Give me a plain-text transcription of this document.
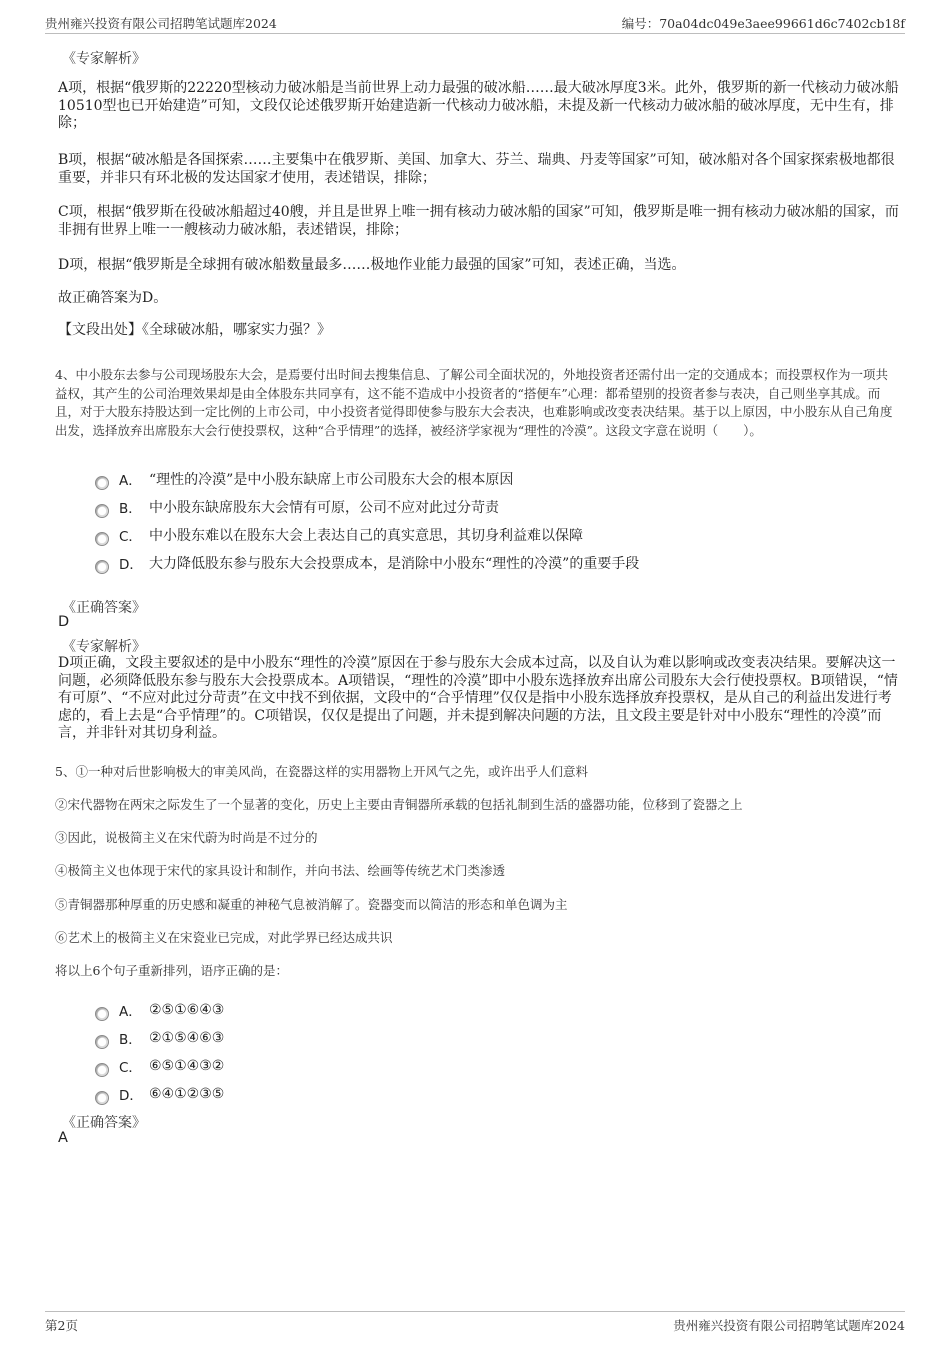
贵州雍兴投资有限公司招聘笔试题库2024	编号：70a04dc049e3aee99661d6c7402cb18f
《专家解析》

A项，根据“俄罗斯的22220型核动力破冰船是当前世界上动力最强的破冰船……最大破冰厚度3米。此外，俄罗斯的新一代核动力破冰船10510型也已开始建造”可知，文段仅论述俄罗斯开始建造新一代核动力破冰船，未提及新一代核动力破冰船的破冰厚度，无中生有，排除；

B项，根据“破冰船是各国探索……主要集中在俄罗斯、美国、加拿大、芬兰、瑞典、丹麦等国家”可知，破冰船对各个国家探索极地都很重要，并非只有环北极的发达国家才使用，表述错误，排除；

C项，根据“俄罗斯在役破冰船超过40艘，并且是世界上唯一拥有核动力破冰船的国家”可知，俄罗斯是唯一拥有核动力破冰船的国家，而非拥有世界上唯一一艘核动力破冰船，表述错误，排除；

D项，根据“俄罗斯是全球拥有破冰船数量最多……极地作业能力最强的国家”可知，表述正确，当选。

故正确答案为D。

【文段出处】《全球破冰船，哪家实力强？》

4、中小股东去参与公司现场股东大会，是焉要付出时间去搜集信息、了解公司全面状况的，外地投资者还需付出一定的交通成本；而投票权作为一项共益权，其产生的公司治理效果却是由全体股东共同享有，这不能不造成中小投资者的“搭便车”心理：都希望别的投资者参与表决，自己则坐享其成。而且，对于大股东持股达到一定比例的上市公司，中小投资者觉得即使参与股东大会表决，也难影响或改变表决结果。基于以上原因，中小股东从自己角度出发，选择放弃出席股东大会行使投票权，这种“合乎情理”的选择，被经济学家视为“理性的冷漠”。这段文字意在说明（　　）。

A． “理性的冷漠”是中小股东缺席上市公司股东大会的根本原因
B． 中小股东缺席股东大会情有可原，公司不应对此过分苛责
C． 中小股东难以在股东大会上表达自己的真实意思，其切身利益难以保障
D． 大力降低股东参与股东大会投票成本，是消除中小股东“理性的冷漠”的重要手段
《正确答案》
D
《专家解析》

D项正确，文段主要叙述的是中小股东“理性的冷漠”原因在于参与股东大会成本过高，以及自认为难以影响或改变表决结果。要解决这一问题，必须降低股东参与股东大会投票成本。A项错误，“理性的冷漠”即中小股东选择放弃出席公司股东大会行使投票权。B项错误，“情有可原”、“不应对此过分苛责”在文中找不到依据，文段中的“合乎情理”仅仅是指中小股东选择放弃投票权，是从自己的利益出发进行考虑的，看上去是“合乎情理”的。C项错误，仅仅是提出了问题，并未提到解决问题的方法，且文段主要是针对中小股东“理性的冷漠”而言，并非针对其切身利益。

5、①一种对后世影响极大的审美风尚，在瓷器这样的实用器物上开风气之先，或许出乎人们意料

②宋代器物在两宋之际发生了一个显著的变化，历史上主要由青铜器所承载的包括礼制到生活的盛器功能，位移到了瓷器之上

③因此，说极简主义在宋代蔚为时尚是不过分的

④极简主义也体现于宋代的家具设计和制作，并向书法、绘画等传统艺术门类渗透

⑤青铜器那种厚重的历史感和凝重的神秘气息被消解了。瓷器变而以简洁的形态和单色调为主

⑥艺术上的极简主义在宋瓷业已完成，对此学界已经达成共识

将以上6个句子重新排列，语序正确的是：

A． ②⑤①⑥④③
B． ②①⑤④⑥③
C． ⑥⑤①④③②
D． ⑥④①②③⑤
《正确答案》
A
第2页	贵州雍兴投资有限公司招聘笔试题库2024
